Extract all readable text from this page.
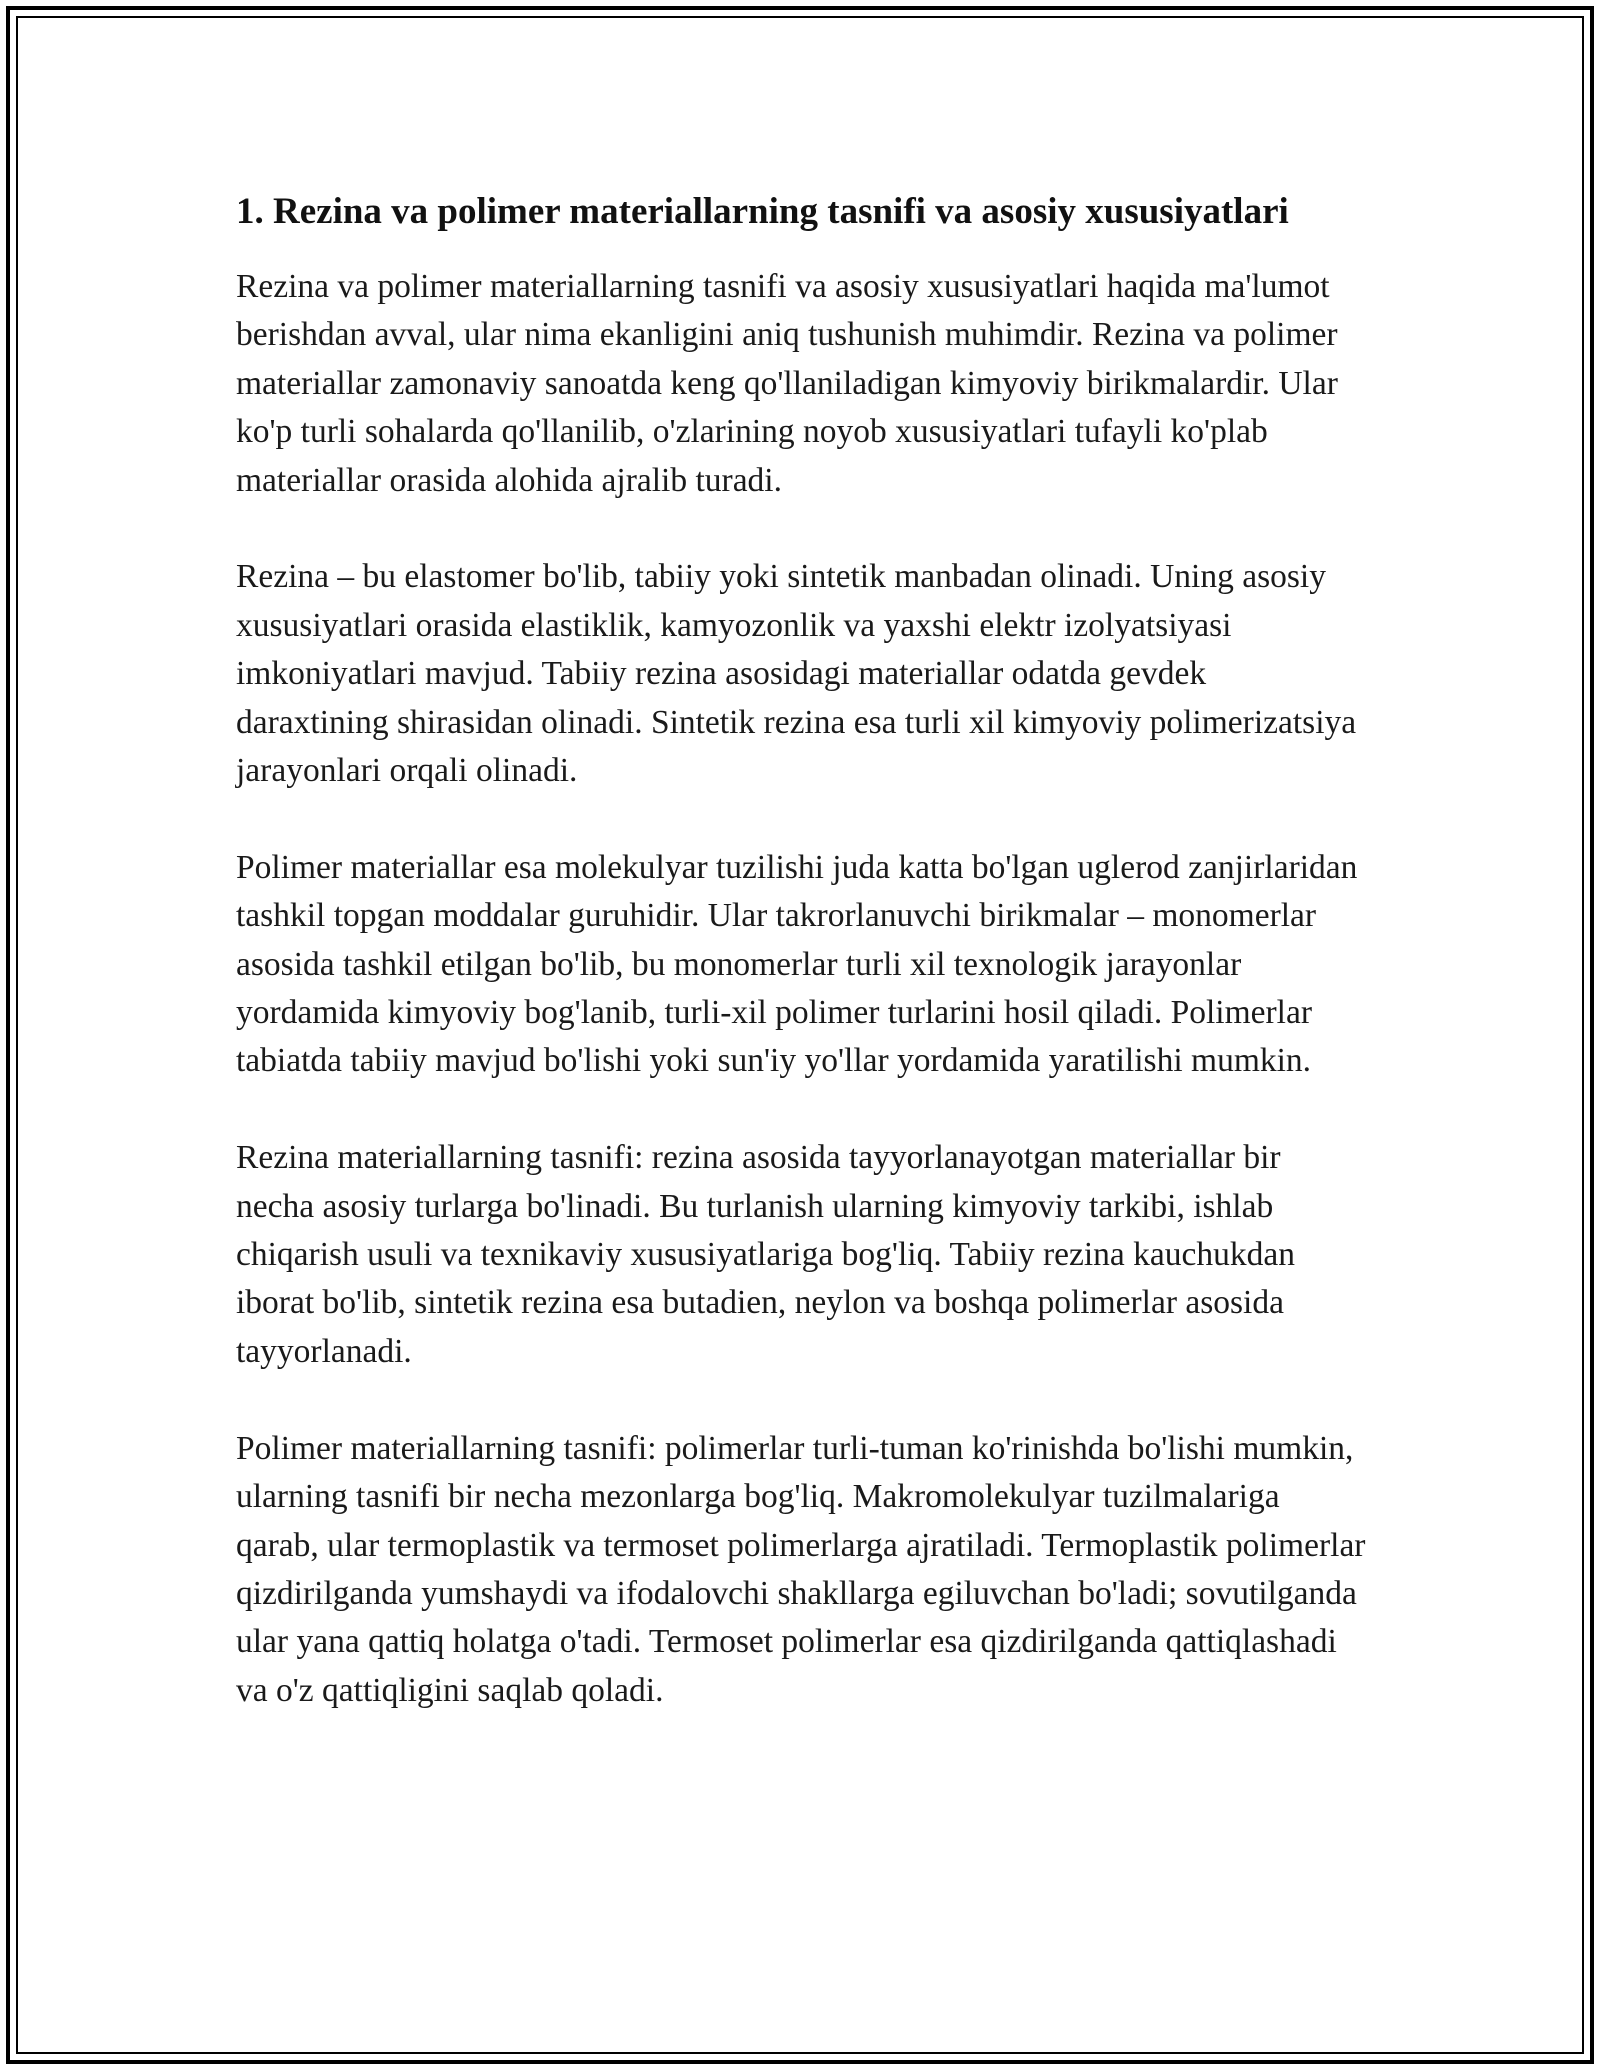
1. Rezina va polimer materiallarning tasnifi va asosiy xususiyatlari

Rezina va polimer materiallarning tasnifi va asosiy xususiyatlari haqida ma'lumot berishdan avval, ular nima ekanligini aniq tushunish muhimdir. Rezina va polimer materiallar zamonaviy sanoatda keng qo'llaniladigan kimyoviy birikmalardir. Ular ko'p turli sohalarda qo'llanilib, o'zlarining noyob xususiyatlari tufayli ko'plab materiallar orasida alohida ajralib turadi.

Rezina – bu elastomer bo'lib, tabiiy yoki sintetik manbadan olinadi. Uning asosiy xususiyatlari orasida elastiklik, kamyozonlik va yaxshi elektr izolyatsiyasi imkoniyatlari mavjud. Tabiiy rezina asosidagi materiallar odatda gevdek daraxtining shirasidan olinadi. Sintetik rezina esa turli xil kimyoviy polimerizatsiya jarayonlari orqali olinadi.

Polimer materiallar esa molekulyar tuzilishi juda katta bo'lgan uglerod zanjirlaridan tashkil topgan moddalar guruhidir. Ular takrorlanuvchi birikmalar – monomerlar asosida tashkil etilgan bo'lib, bu monomerlar turli xil texnologik jarayonlar yordamida kimyoviy bog'lanib, turli-xil polimer turlarini hosil qiladi. Polimerlar tabiatda tabiiy mavjud bo'lishi yoki sun'iy yo'llar yordamida yaratilishi mumkin.

Rezina materiallarning tasnifi: rezina asosida tayyorlanayotgan materiallar bir necha asosiy turlarga bo'linadi. Bu turlanish ularning kimyoviy tarkibi, ishlab chiqarish usuli va texnikaviy xususiyatlariga bog'liq. Tabiiy rezina kauchukdan iborat bo'lib, sintetik rezina esa butadien, neylon va boshqa polimerlar asosida tayyorlanadi.

Polimer materiallarning tasnifi: polimerlar turli-tuman ko'rinishda bo'lishi mumkin, ularning tasnifi bir necha mezonlarga bog'liq. Makromolekulyar tuzilmalariga qarab, ular termoplastik va termoset polimerlarga ajratiladi. Termoplastik polimerlar qizdirilganda yumshaydi va ifodalovchi shakllarga egiluvchan bo'ladi; sovutilganda ular yana qattiq holatga o'tadi. Termoset polimerlar esa qizdirilganda qattiqlashadi va o'z qattiqligini saqlab qoladi.
